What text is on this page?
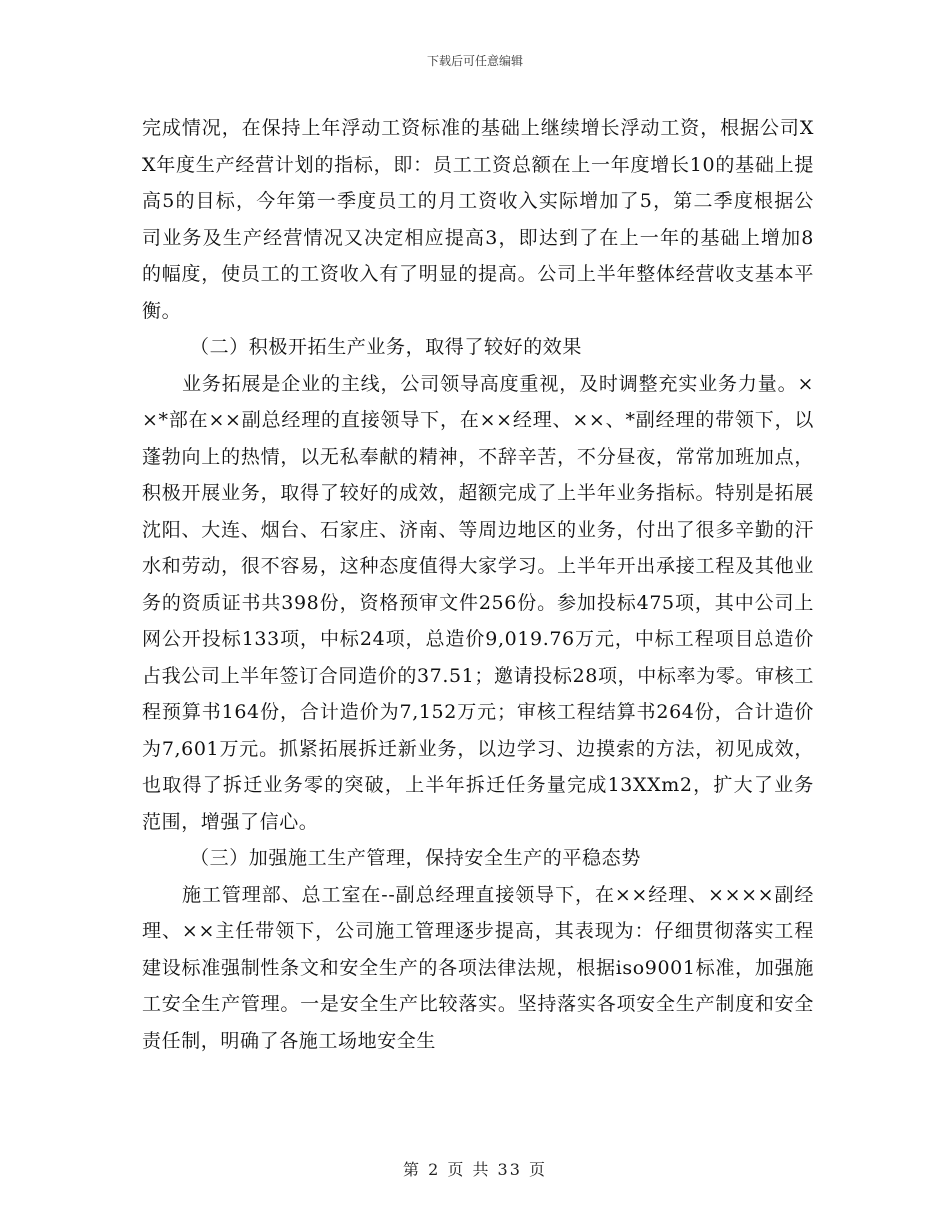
下载后可任意编辑

完成情况，在保持上年浮动工资标准的基础上继续增长浮动工资，根据公司XX年度生产经营计划的指标，即：员工工资总额在上一年度增长10的基础上提高5的目标，今年第一季度员工的月工资收入实际增加了5，第二季度根据公司业务及生产经营情况又决定相应提高3，即达到了在上一年的基础上增加8的幅度，使员工的工资收入有了明显的提高。公司上半年整体经营收支基本平衡。

（二）积极开拓生产业务，取得了较好的效果

业务拓展是企业的主线，公司领导高度重视，及时调整充实业务力量。××*部在××副总经理的直接领导下，在××经理、××、*副经理的带领下，以蓬勃向上的热情，以无私奉献的精神，不辞辛苦，不分昼夜，常常加班加点，积极开展业务，取得了较好的成效，超额完成了上半年业务指标。特别是拓展沈阳、大连、烟台、石家庄、济南、等周边地区的业务，付出了很多辛勤的汗水和劳动，很不容易，这种态度值得大家学习。上半年开出承接工程及其他业务的资质证书共398份，资格预审文件256份。参加投标475项，其中公司上网公开投标133项，中标24项，总造价9,019.76万元，中标工程项目总造价占我公司上半年签订合同造价的37.51；邀请投标28项，中标率为零。审核工程预算书164份，合计造价为7,152万元；审核工程结算书264份，合计造价为7,601万元。抓紧拓展拆迁新业务，以边学习、边摸索的方法，初见成效，也取得了拆迁业务零的突破，上半年拆迁任务量完成13XXm2，扩大了业务范围，增强了信心。

（三）加强施工生产管理，保持安全生产的平稳态势

施工管理部、总工室在--副总经理直接领导下，在××经理、××××副经理、××主任带领下，公司施工管理逐步提高，其表现为：仔细贯彻落实工程建设标准强制性条文和安全生产的各项法律法规，根据iso9001标准，加强施工安全生产管理。一是安全生产比较落实。坚持落实各项安全生产制度和安全责任制，明确了各施工场地安全生

第 2 页 共 33 页
